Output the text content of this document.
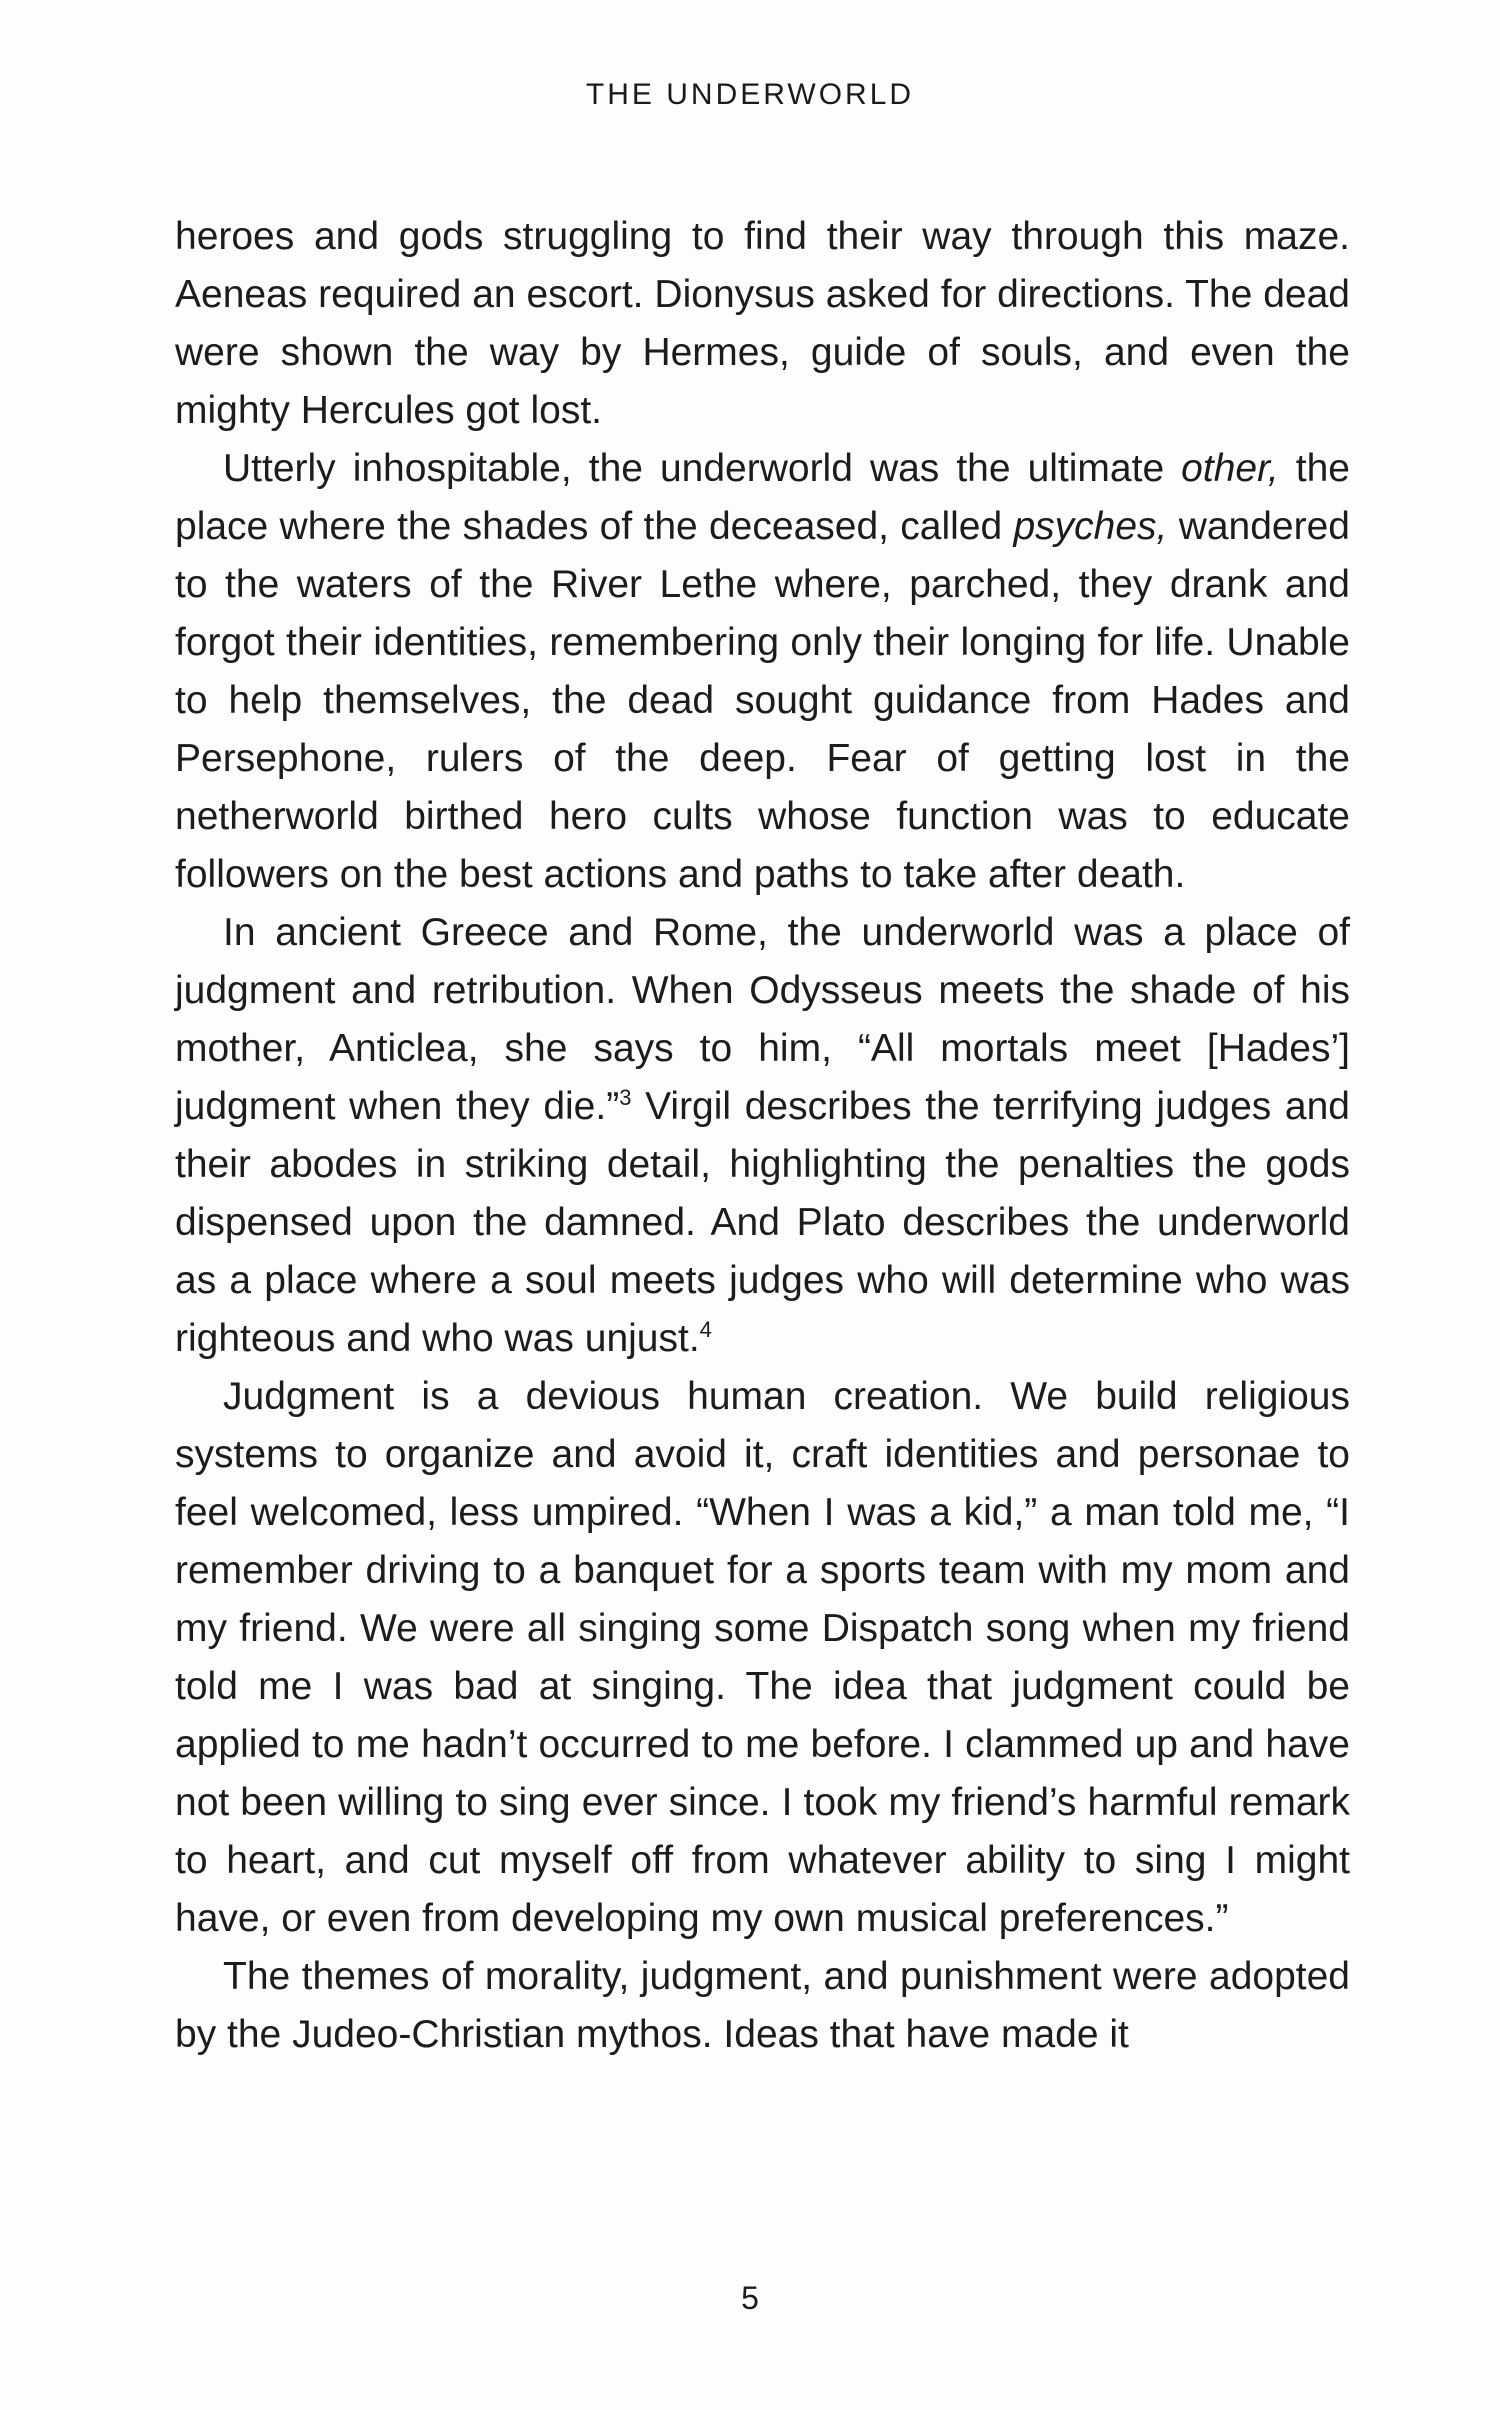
THE UNDERWORLD

heroes and gods struggling to find their way through this maze. Aeneas required an escort. Dionysus asked for directions. The dead were shown the way by Hermes, guide of souls, and even the mighty Hercules got lost.

Utterly inhospitable, the underworld was the ultimate other, the place where the shades of the deceased, called psyches, wandered to the waters of the River Lethe where, parched, they drank and forgot their identities, remembering only their longing for life. Unable to help themselves, the dead sought guidance from Hades and Persephone, rulers of the deep. Fear of getting lost in the netherworld birthed hero cults whose function was to educate followers on the best actions and paths to take after death.

In ancient Greece and Rome, the underworld was a place of judgment and retribution. When Odysseus meets the shade of his mother, Anticlea, she says to him, “All mortals meet [Hades’] judgment when they die.”$^3$ Virgil describes the terrifying judges and their abodes in striking detail, highlighting the penalties the gods dispensed upon the damned. And Plato describes the underworld as a place where a soul meets judges who will determine who was righteous and who was unjust.$^4$

Judgment is a devious human creation. We build religious systems to organize and avoid it, craft identities and personae to feel welcomed, less umpired. “When I was a kid,” a man told me, “I remember driving to a banquet for a sports team with my mom and my friend. We were all singing some Dispatch song when my friend told me I was bad at singing. The idea that judgment could be applied to me hadn’t occurred to me before. I clammed up and have not been willing to sing ever since. I took my friend’s harmful remark to heart, and cut myself off from whatever ability to sing I might have, or even from developing my own musical preferences.”

The themes of morality, judgment, and punishment were adopted by the Judeo-Christian mythos. Ideas that have made it

5
